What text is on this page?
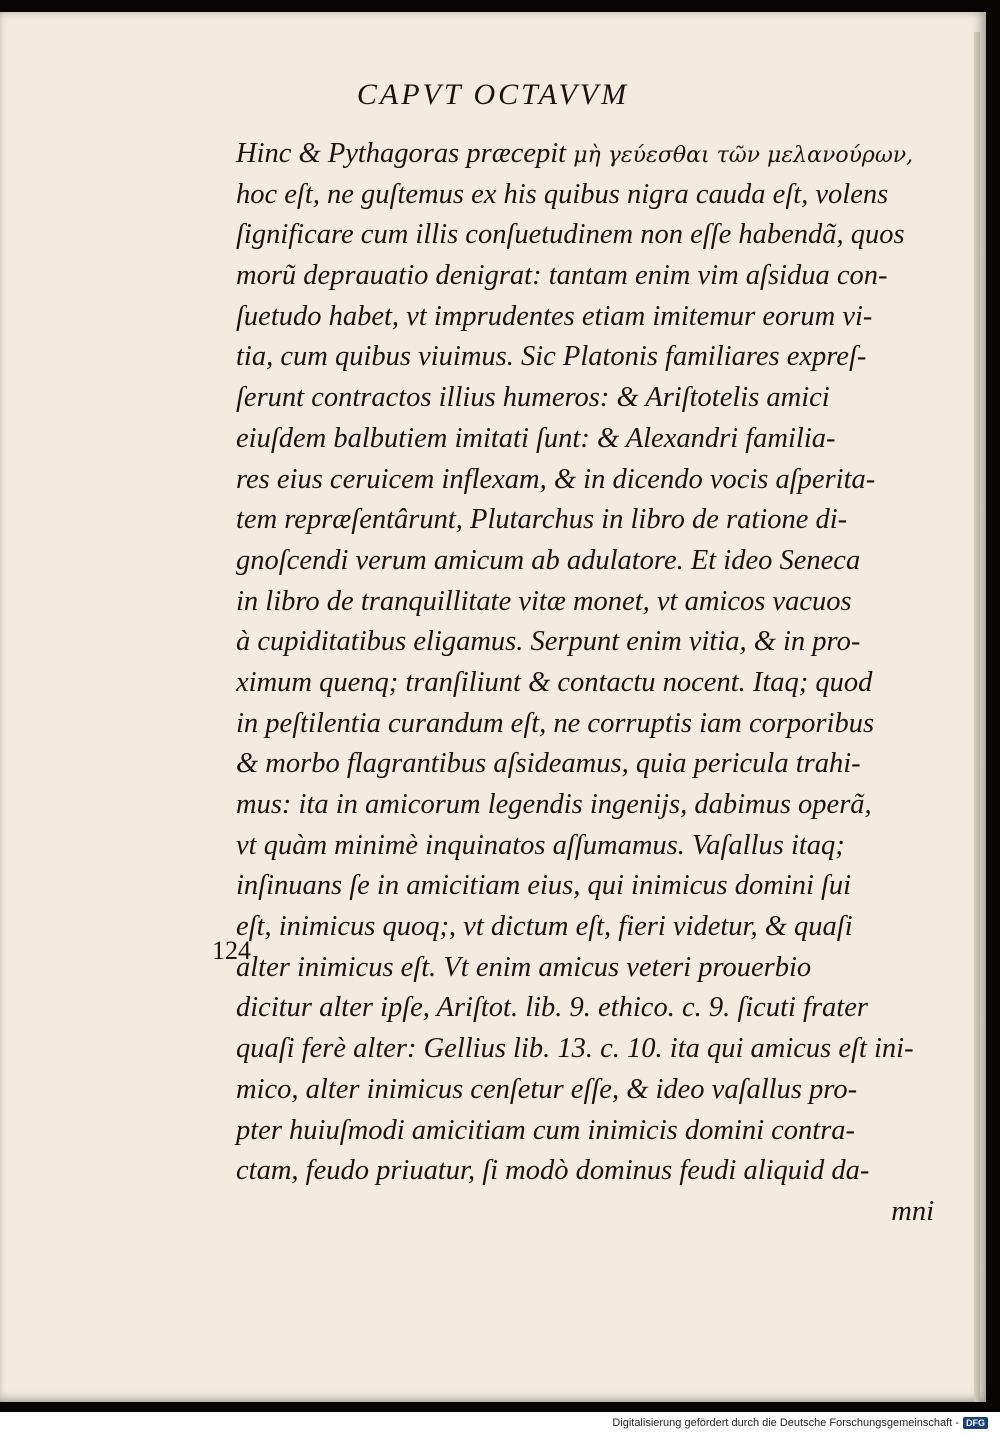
CAPVT OCTAVVM
124
Hinc & Pythagoras præcepit μὴ γεύεσθαι τῶν μελανούρων,
hoc eſt, ne guſtemus ex his quibus nigra cauda eſt, volens
ſignificare cum illis conſuetudinem non eſſe habendã, quos
morũ deprauatio denigrat: tantam enim vim aſsidua con-
ſuetudo habet, vt imprudentes etiam imitemur eorum vi-
tia, cum quibus viuimus. Sic Platonis familiares expreſ-
ſerunt contractos illius humeros: & Ariſtotelis amici
eiuſdem balbutiem imitati ſunt: & Alexandri familia-
res eius ceruicem inflexam, & in dicendo vocis aſperita-
tem repræſentârunt, Plutarchus in libro de ratione di-
gnoſcendi verum amicum ab adulatore. Et ideo Seneca
in libro de tranquillitate vitæ monet, vt amicos vacuos
à cupiditatibus eligamus. Serpunt enim vitia, & in pro-
ximum quenq; tranſiliunt & contactu nocent. Itaq; quod
in peſtilentia curandum eſt, ne corruptis iam corporibus
& morbo flagrantibus aſsideamus, quia pericula trahi-
mus: ita in amicorum legendis ingenijs, dabimus operã,
vt quàm minimè inquinatos aſſumamus. Vaſallus itaq;
inſinuans ſe in amicitiam eius, qui inimicus domini ſui
eſt, inimicus quoq;, vt dictum eſt, fieri videtur, & quaſi
alter inimicus eſt. Vt enim amicus veteri prouerbio
dicitur alter ipſe, Ariſtot. lib. 9. ethico. c. 9. ſicuti frater
quaſi ferè alter: Gellius lib. 13. c. 10. ita qui amicus eſt ini-
mico, alter inimicus cenſetur eſſe, & ideo vaſallus pro-
pter huiuſmodi amicitiam cum inimicis domini contra-
ctam, feudo priuatur, ſi modò dominus feudi aliquid da-
mni
Digitalisierung gefördert durch die Deutsche Forschungsgemeinschaft - DFG
